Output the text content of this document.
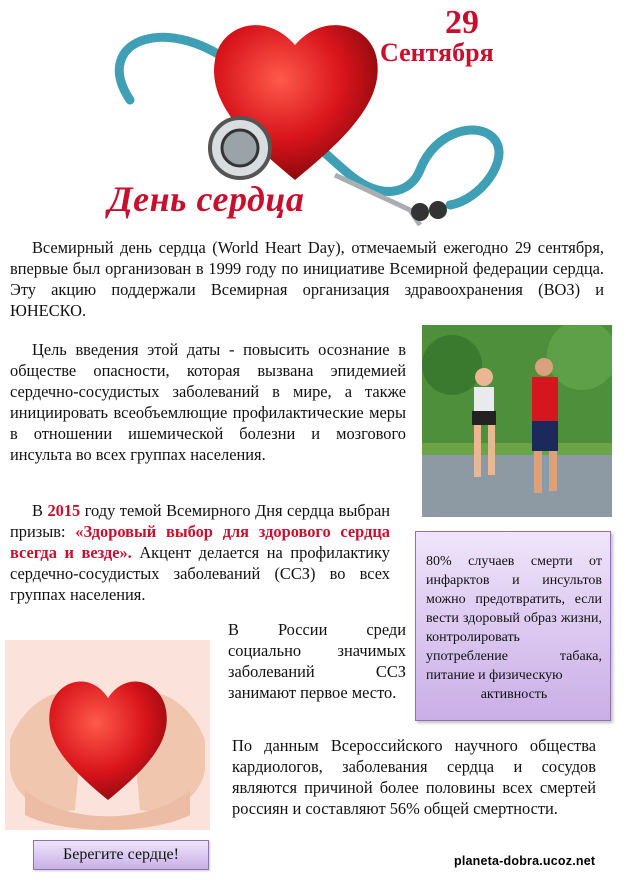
29
Сентября
День сердца
Всемирный день сердца (World Heart Day), отмечаемый ежегодно 29 сентября, впервые был организован в 1999 году по инициативе Всемирной федерации сердца. Эту акцию поддержали Всемирная организация здравоохранения (ВОЗ) и ЮНЕСКО.
Цель введения этой даты - повысить осознание в обществе опасности, которая вызвана эпидемией сердечно-сосудистых заболеваний в мире, а также инициировать всеобъемлющие профилактические меры в отношении ишемической болезни и мозгового инсульта во всех группах населения.
В 2015 году темой Всемирного Дня сердца выбран призыв: «Здоровый выбор для здорового сердца всегда и везде». Акцент делается на профилактику сердечно-сосудистых заболеваний (ССЗ) во всех группах населения.
80% случаев смерти от инфарктов и инсультов можно предотвратить, если вести здоровый образ жизни, контролировать употребление табака, питание и физическую
активность
В России среди социально значимых заболеваний ССЗ занимают первое место.
По данным Всероссийского научного общества кардиологов, заболевания сердца и сосудов являются причиной более половины всех смертей россиян и составляют 56% общей смертности.
Берегите сердце!	planeta-dobra.ucoz.net
